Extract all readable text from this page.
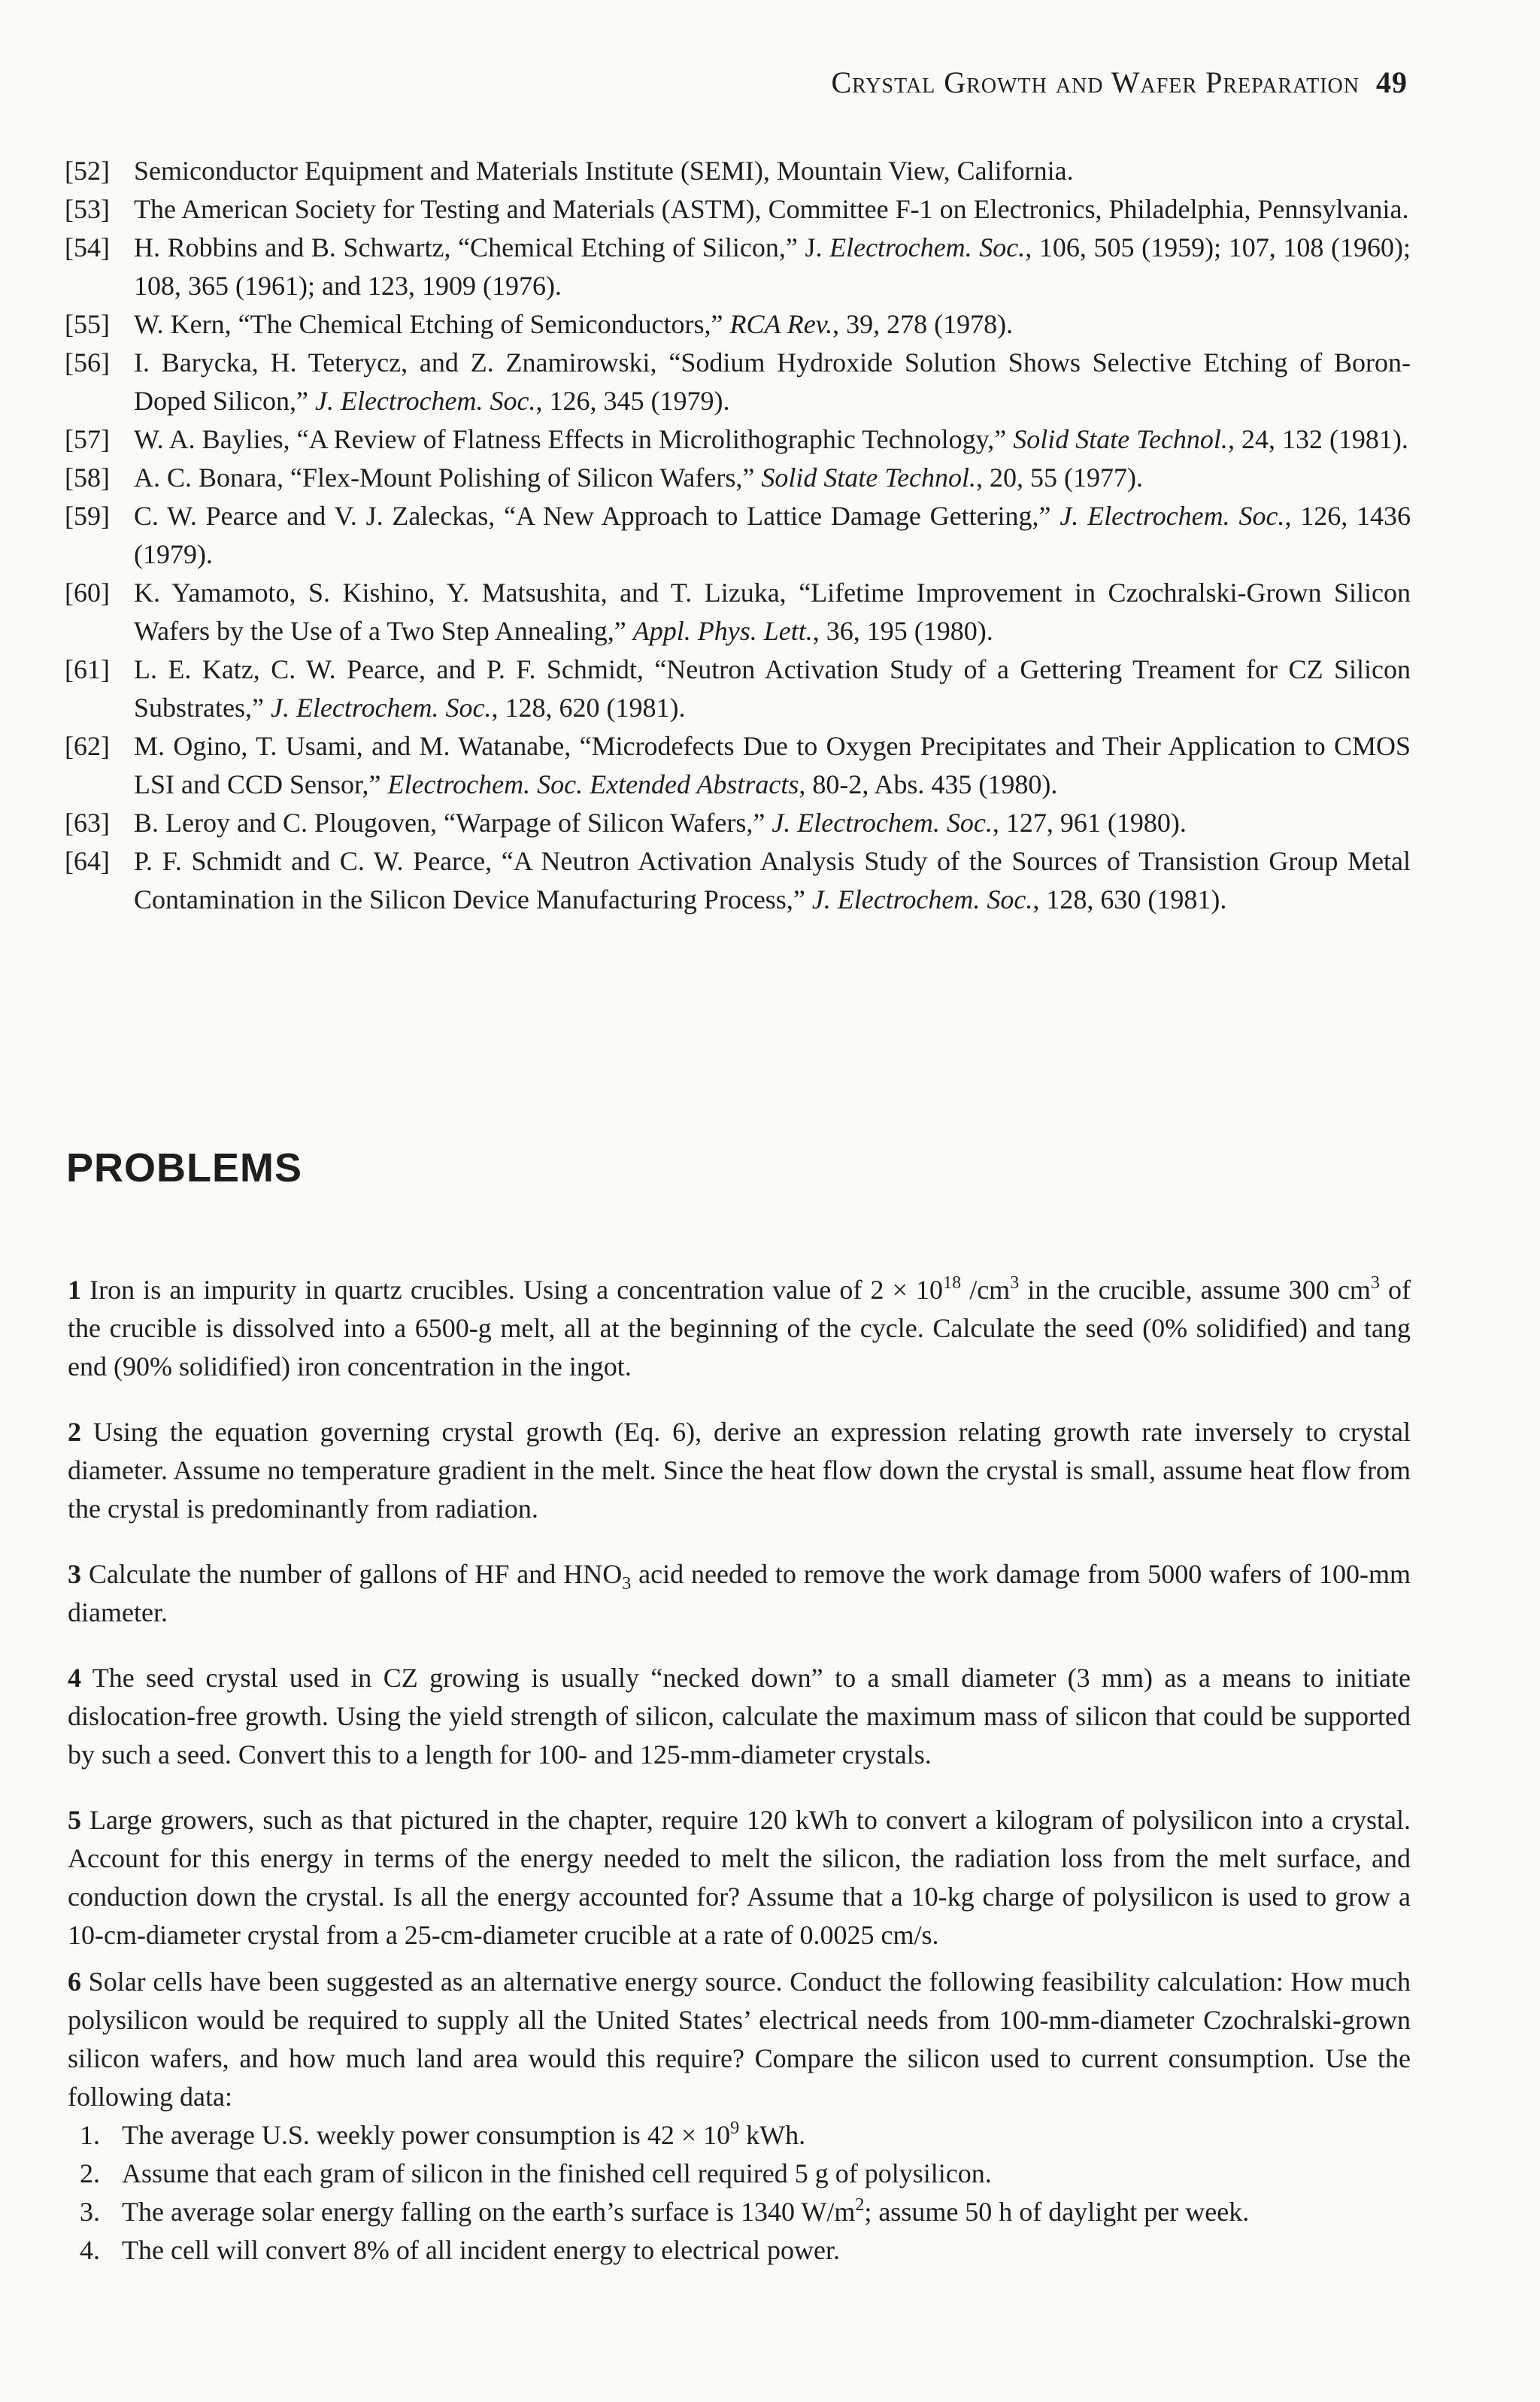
Crystal Growth and Wafer Preparation 49
[52] Semiconductor Equipment and Materials Institute (SEMI), Mountain View, California.
[53] The American Society for Testing and Materials (ASTM), Committee F-1 on Electronics, Philadelphia, Pennsylvania.
[54] H. Robbins and B. Schwartz, “Chemical Etching of Silicon,” J. Electrochem. Soc., 106, 505 (1959); 107, 108 (1960); 108, 365 (1961); and 123, 1909 (1976).
[55] W. Kern, “The Chemical Etching of Semiconductors,” RCA Rev., 39, 278 (1978).
[56] I. Barycka, H. Teterycz, and Z. Znamirowski, “Sodium Hydroxide Solution Shows Selective Etching of Boron-Doped Silicon,” J. Electrochem. Soc., 126, 345 (1979).
[57] W. A. Baylies, “A Review of Flatness Effects in Microlithographic Technology,” Solid State Technol., 24, 132 (1981).
[58] A. C. Bonara, “Flex-Mount Polishing of Silicon Wafers,” Solid State Technol., 20, 55 (1977).
[59] C. W. Pearce and V. J. Zaleckas, “A New Approach to Lattice Damage Gettering,” J. Electrochem. Soc., 126, 1436 (1979).
[60] K. Yamamoto, S. Kishino, Y. Matsushita, and T. Lizuka, “Lifetime Improvement in Czochralski-Grown Silicon Wafers by the Use of a Two Step Annealing,” Appl. Phys. Lett., 36, 195 (1980).
[61] L. E. Katz, C. W. Pearce, and P. F. Schmidt, “Neutron Activation Study of a Gettering Treament for CZ Silicon Substrates,” J. Electrochem. Soc., 128, 620 (1981).
[62] M. Ogino, T. Usami, and M. Watanabe, “Microdefects Due to Oxygen Precipitates and Their Application to CMOS LSI and CCD Sensor,” Electrochem. Soc. Extended Abstracts, 80-2, Abs. 435 (1980).
[63] B. Leroy and C. Plougoven, “Warpage of Silicon Wafers,” J. Electrochem. Soc., 127, 961 (1980).
[64] P. F. Schmidt and C. W. Pearce, “A Neutron Activation Analysis Study of the Sources of Transistion Group Metal Contamination in the Silicon Device Manufacturing Process,” J. Electrochem. Soc., 128, 630 (1981).
PROBLEMS

1 Iron is an impurity in quartz crucibles. Using a concentration value of $2 \times 10^{18}$ $/cm^3$ in the crucible, assume 300 $cm^3$ of the crucible is dissolved into a 6500-g melt, all at the beginning of the cycle. Calculate the seed (0% solidified) and tang end (90% solidified) iron concentration in the ingot.

2 Using the equation governing crystal growth (Eq. 6), derive an expression relating growth rate inversely to crystal diameter. Assume no temperature gradient in the melt. Since the heat flow down the crystal is small, assume heat flow from the crystal is predominantly from radiation.

3 Calculate the number of gallons of HF and $HNO_3$ acid needed to remove the work damage from 5000 wafers of 100-mm diameter.

4 The seed crystal used in CZ growing is usually “necked down” to a small diameter (3 mm) as a means to initiate dislocation-free growth. Using the yield strength of silicon, calculate the maximum mass of silicon that could be supported by such a seed. Convert this to a length for 100- and 125-mm-diameter crystals.

5 Large growers, such as that pictured in the chapter, require 120 kWh to convert a kilogram of polysilicon into a crystal. Account for this energy in terms of the energy needed to melt the silicon, the radiation loss from the melt surface, and conduction down the crystal. Is all the energy accounted for? Assume that a 10-kg charge of polysilicon is used to grow a 10-cm-diameter crystal from a 25-cm-diameter crucible at a rate of 0.0025 cm/s.

6 Solar cells have been suggested as an alternative energy source. Conduct the following feasibility calculation: How much polysilicon would be required to supply all the United States’ electrical needs from 100-mm-diameter Czochralski-grown silicon wafers, and how much land area would this require? Compare the silicon used to current consumption. Use the following data:
1. The average U.S. weekly power consumption is $42 \times 10^9$ kWh.
2. Assume that each gram of silicon in the finished cell required 5 g of polysilicon.
3. The average solar energy falling on the earth’s surface is 1340 $W/m^2$; assume 50 h of daylight per week.
4. The cell will convert 8% of all incident energy to electrical power.
